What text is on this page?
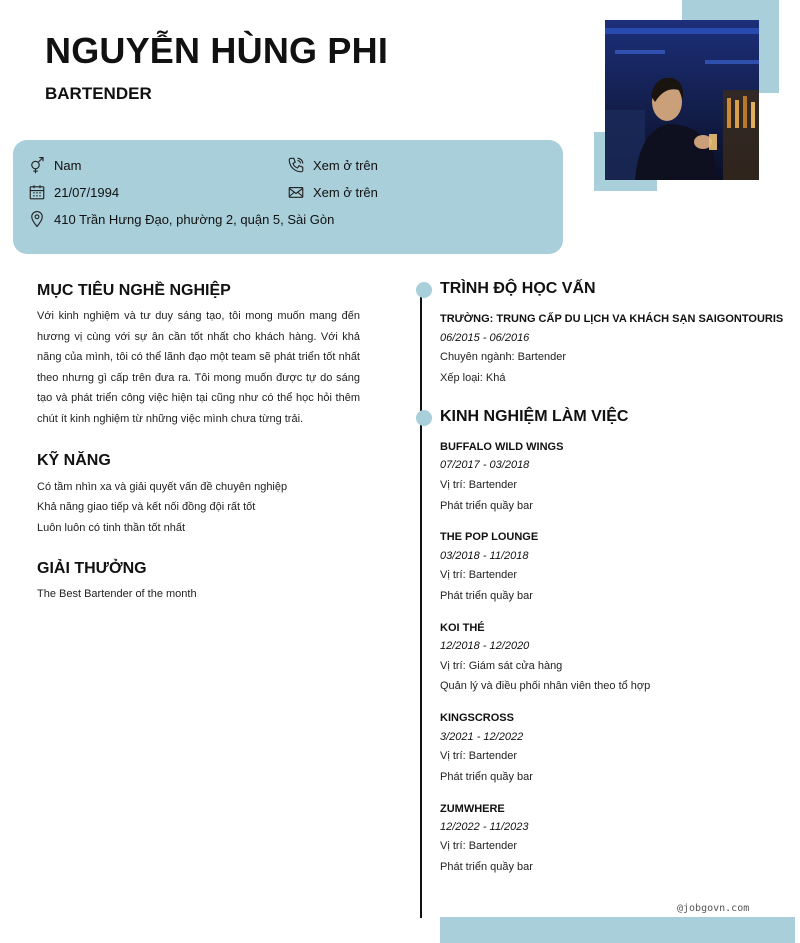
NGUYỄN HÙNG PHI
BARTENDER
Nam
21/07/1994
410 Trần Hưng Đạo, phường 2, quận 5, Sài Gòn
Xem ở trên
Xem ở trên
MỤC TIÊU NGHỀ NGHIỆP
Với kinh nghiệm và tư duy sáng tạo, tôi mong muốn mang đến hương vị cùng với sự ân cần tốt nhất cho khách hàng. Với khả năng của mình, tôi có thể lãnh đạo một team sẽ phát triển tốt nhất theo nhưng gì cấp trên đưa ra. Tôi mong muốn được tự do sáng tạo và phát triển công việc hiện tại cũng như có thể học hỏi thêm chút ít kinh nghiệm từ những việc mình chưa từng trải.
KỸ NĂNG
Có tầm nhìn xa và giải quyết vấn đề chuyên nghiệp
Khả năng giao tiếp và kết nối đồng đội rất tốt
Luôn luôn có tinh thần tốt nhất
GIẢI THƯỞNG
The Best Bartender of the month
TRÌNH ĐỘ HỌC VẤN
TRƯỜNG: TRUNG CẤP DU LỊCH VA KHÁCH SẠN SAIGONTOURIS
06/2015 - 06/2016
Chuyên ngành: Bartender
Xếp loại: Khá
KINH NGHIỆM LÀM VIỆC
BUFFALO WILD WINGS
07/2017 - 03/2018
Vị trí: Bartender
Phát triển quầy bar
THE POP LOUNGE
03/2018 - 11/2018
Vị trí: Bartender
Phát triển quầy bar
KOI THÉ
12/2018 - 12/2020
Vị trí: Giám sát cửa hàng
Quản lý và điều phối nhân viên theo tổ hợp
KINGSCROSS
3/2021 - 12/2022
Vị trí: Bartender
Phát triển quầy bar
ZUMWHERE
12/2022 - 11/2023
Vị trí: Bartender
Phát triển quầy bar
@jobgovn.com
